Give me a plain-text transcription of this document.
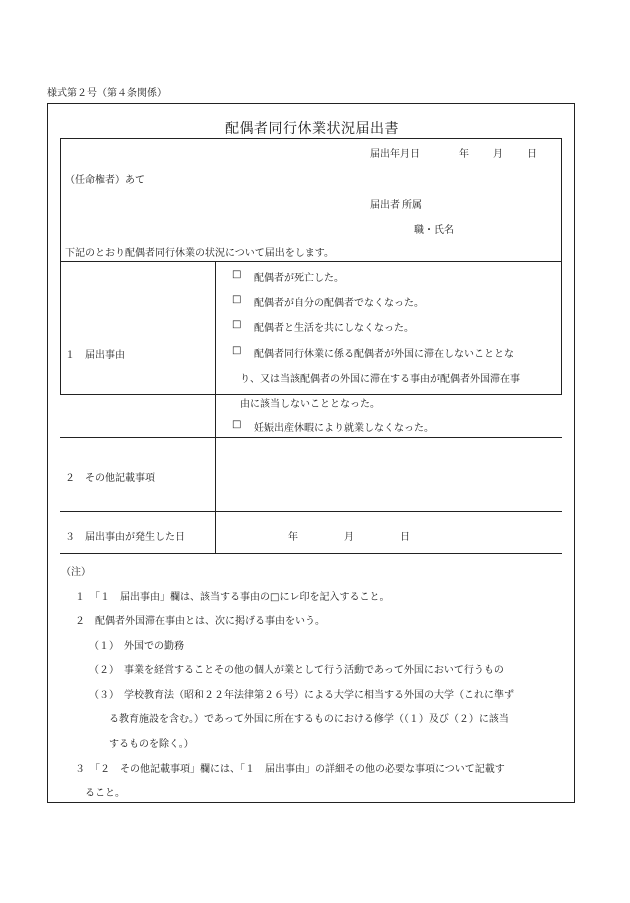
様式第２号（第４条関係）
配偶者同行休業状況届出書
届出年月日	年 月 日
（任命権者）あて
届出者 所属
職・氏名
下記のとおり配偶者同行休業の状況について届出をします。
１　届出事由
□ 配偶者が死亡した。
□ 配偶者が自分の配偶者でなくなった。
□ 配偶者と生活を共にしなくなった。
□ 配偶者同行休業に係る配偶者が外国に滞在しないこととな
り、又は当該配偶者の外国に滞在する事由が配偶者外国滞在事
由に該当しないこととなった。
□ 妊娠出産休暇により就業しなくなった。
２　その他記載事項
３　届出事由が発生した日	年	月	日
（注）
１　「１　届出事由」欄は、該当する事由の□にレ印を記入すること。
２　配偶者外国滞在事由とは、次に掲げる事由をいう。
（１）　外国での勤務
（２）　事業を経営することその他の個人が業として行う活動であって外国において行うもの
（３）　学校教育法（昭和２２年法律第２６号）による大学に相当する外国の大学（これに準ず
る教育施設を含む。）であって外国に所在するものにおける修学（（１）及び（２）に該当
するものを除く。）
３　「２　その他記載事項」欄には、「１　届出事由」の詳細その他の必要な事項について記載す
ること。
